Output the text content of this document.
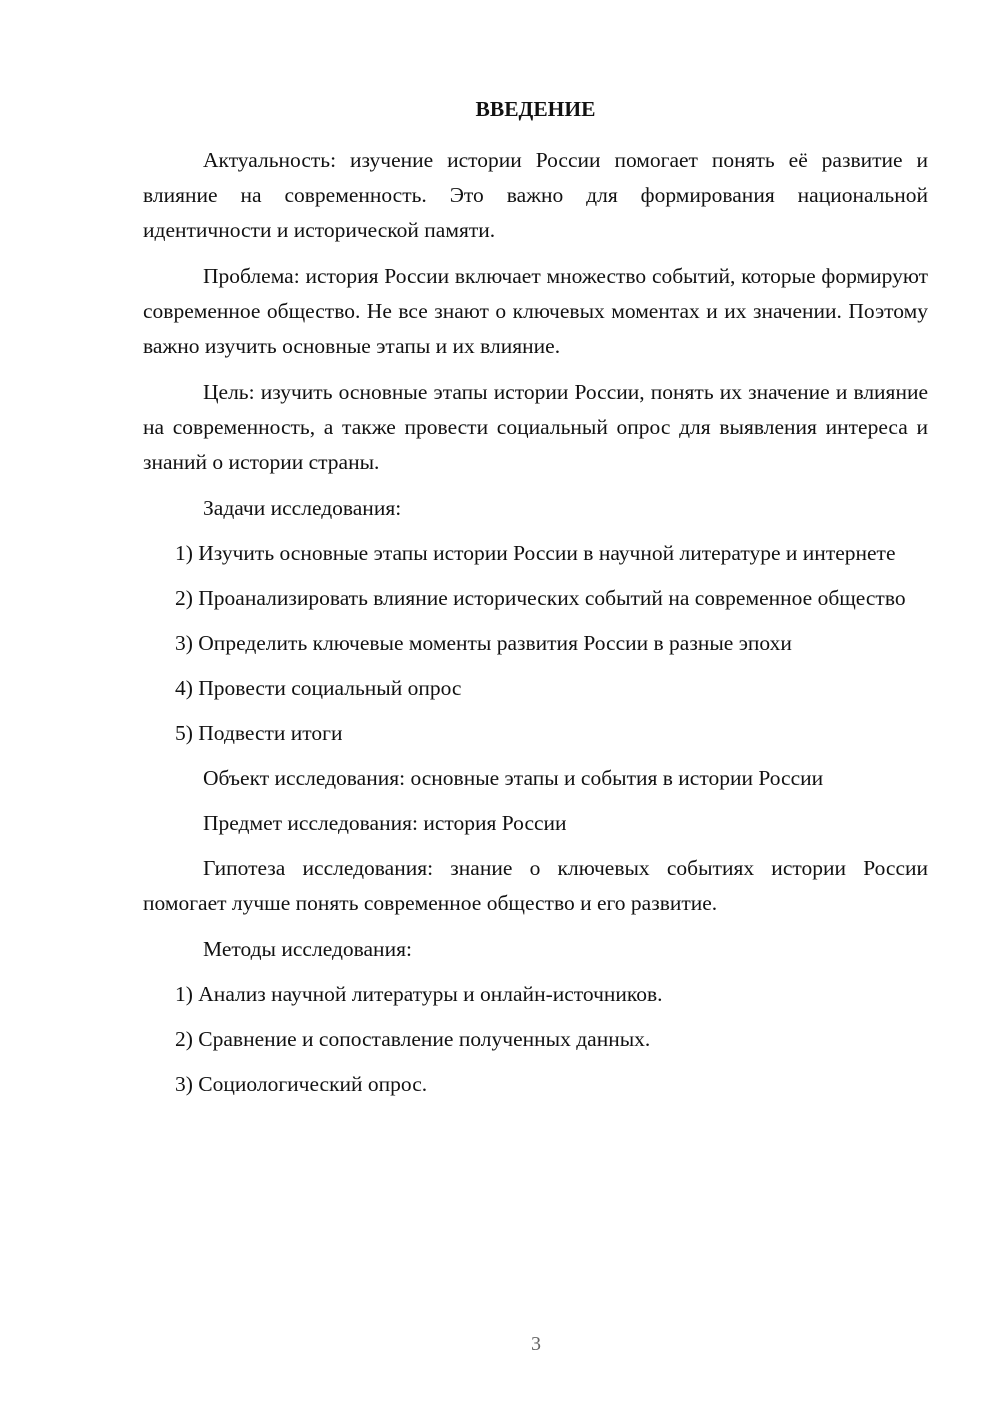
ВВЕДЕНИЕ
Актуальность: изучение истории России помогает понять её развитие и влияние на современность. Это важно для формирования национальной идентичности и исторической памяти.
Проблема: история России включает множество событий, которые формируют современное общество. Не все знают о ключевых моментах и их значении. Поэтому важно изучить основные этапы и их влияние.
Цель: изучить основные этапы истории России, понять их значение и влияние на современность, а также провести социальный опрос для выявления интереса и знаний о истории страны.
Задачи исследования:
1) Изучить основные этапы истории России в научной литературе и интернете
2) Проанализировать влияние исторических событий на современное общество
3) Определить ключевые моменты развития России в разные эпохи
4) Провести социальный опрос
5) Подвести итоги
Объект исследования: основные этапы и события в истории России
Предмет исследования: история России
Гипотеза исследования: знание о ключевых событиях истории России помогает лучше понять современное общество и его развитие.
Методы исследования:
1) Анализ научной литературы и онлайн-источников.
2) Сравнение и сопоставление полученных данных.
3) Социологический опрос.
3
